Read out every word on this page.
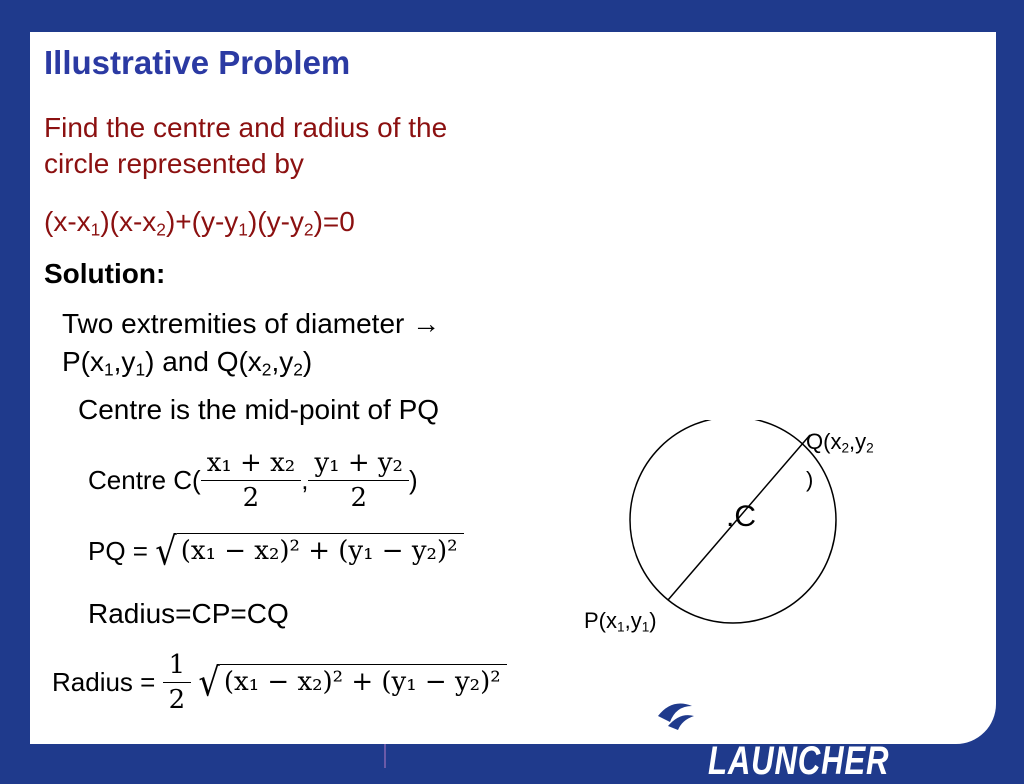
Illustrative Problem
Find the centre and radius of the
circle represented by
$(x-x_1)(x-x_2)+(y-y_1)(y-y_2)=0$
Solution:
Two extremities of diameter →
$P(x_1,y_1)$ and $Q(x_2,y_2)$
Centre is the mid-point of PQ
Centre $C( \frac{\text{x₁ + x₂}}{2}$ , $\frac{\text{y₁ + y₂}}{2}$ )
PQ = √ (x₁ − x₂)² + (y₁ − y₂)²
Radius=CP=CQ
Radius = $\frac{1}{2}$ √ (x₁ − x₂)² + (y₁ − y₂)²
.C
$Q(x_2,y_2$
)
$P(x_1,y_1)$
CAREER LAUNCHER
